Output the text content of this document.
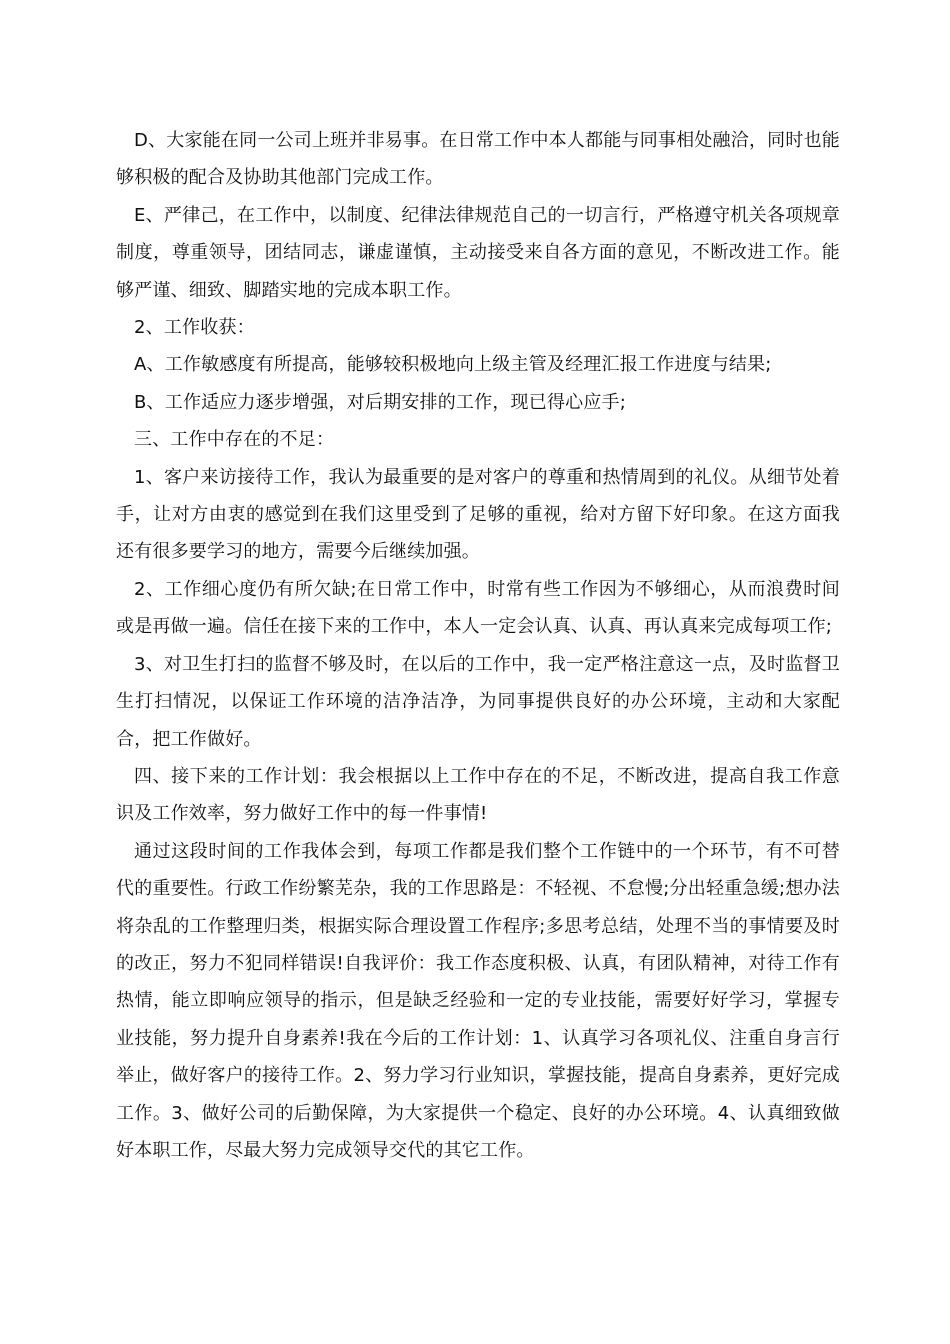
D、大家能在同一公司上班并非易事。在日常工作中本人都能与同事相处融洽，同时也能够积极的配合及协助其他部门完成工作。

E、严律己，在工作中，以制度、纪律法律规范自己的一切言行，严格遵守机关各项规章制度，尊重领导，团结同志，谦虚谨慎，主动接受来自各方面的意见，不断改进工作。能够严谨、细致、脚踏实地的完成本职工作。

2、工作收获：

A、工作敏感度有所提高，能够较积极地向上级主管及经理汇报工作进度与结果;

B、工作适应力逐步增强，对后期安排的工作，现已得心应手;

三、工作中存在的不足：

1、客户来访接待工作，我认为最重要的是对客户的尊重和热情周到的礼仪。从细节处着手，让对方由衷的感觉到在我们这里受到了足够的重视，给对方留下好印象。在这方面我还有很多要学习的地方，需要今后继续加强。

2、工作细心度仍有所欠缺;在日常工作中，时常有些工作因为不够细心，从而浪费时间或是再做一遍。信任在接下来的工作中，本人一定会认真、认真、再认真来完成每项工作;

3、对卫生打扫的监督不够及时，在以后的工作中，我一定严格注意这一点，及时监督卫生打扫情况，以保证工作环境的洁净洁净，为同事提供良好的办公环境，主动和大家配合，把工作做好。

四、接下来的工作计划：我会根据以上工作中存在的不足，不断改进，提高自我工作意识及工作效率，努力做好工作中的每一件事情!

通过这段时间的工作我体会到，每项工作都是我们整个工作链中的一个环节，有不可替代的重要性。行政工作纷繁芜杂，我的工作思路是：不轻视、不怠慢;分出轻重急缓;想办法将杂乱的工作整理归类，根据实际合理设置工作程序;多思考总结，处理不当的事情要及时的改正，努力不犯同样错误!自我评价：我工作态度积极、认真，有团队精神，对待工作有热情，能立即响应领导的指示，但是缺乏经验和一定的专业技能，需要好好学习，掌握专业技能，努力提升自身素养!我在今后的工作计划：1、认真学习各项礼仪、注重自身言行举止，做好客户的接待工作。2、努力学习行业知识，掌握技能，提高自身素养，更好完成工作。3、做好公司的后勤保障，为大家提供一个稳定、良好的办公环境。4、认真细致做好本职工作，尽最大努力完成领导交代的其它工作。
